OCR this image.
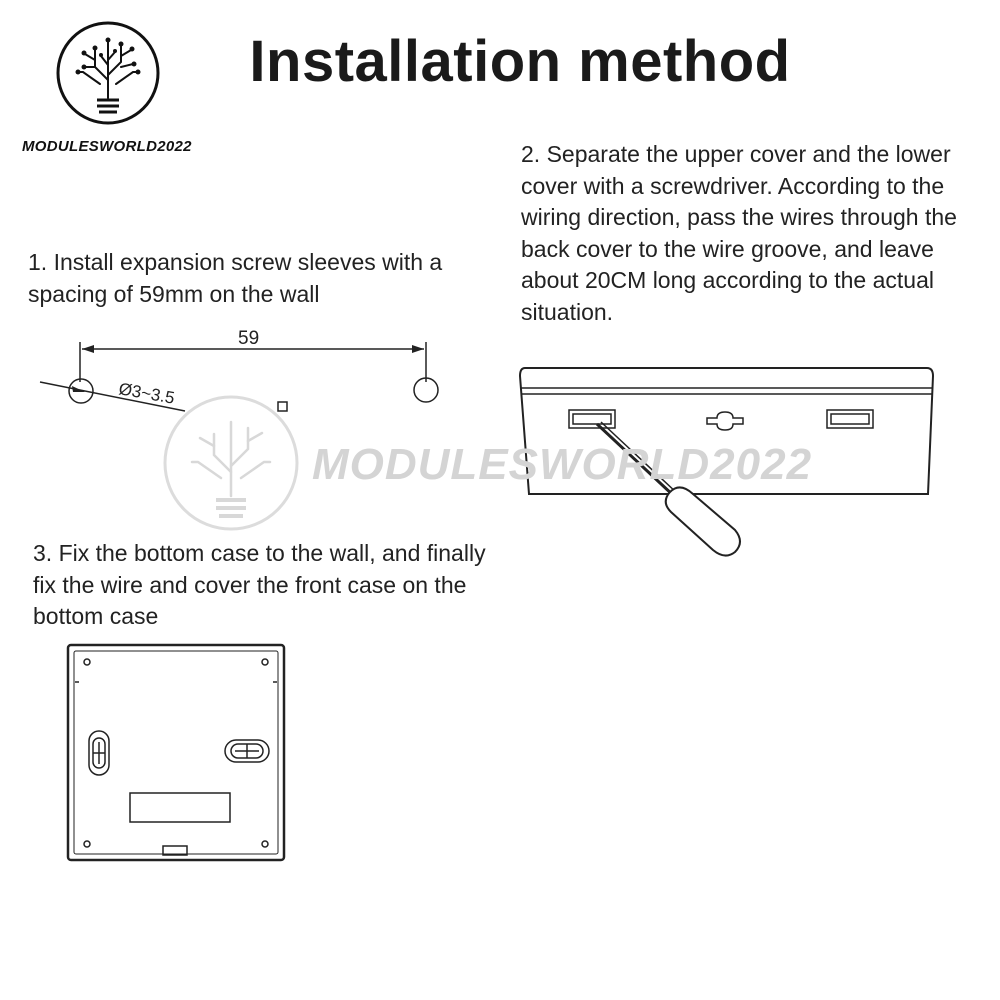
MODULESWORLD2022
Installation method
1. Install expansion screw sleeves with a spacing of 59mm on the wall
2. Separate the upper cover and the lower cover with a screwdriver. According to the wiring direction, pass the wires through the back cover to the wire groove, and leave about 20CM long according to the actual situation.
3. Fix the bottom case to the wall, and finally fix the wire and cover the front case on the bottom case
59
Ø3~3.5
MODULESWORLD2022
